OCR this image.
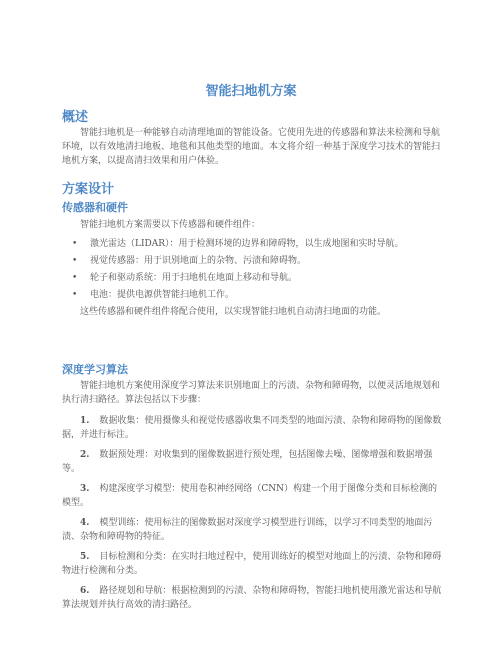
智能扫地机方案
概述

智能扫地机是一种能够自动清理地面的智能设备。它使用先进的传感器和算法来检测和导航环境，以有效地清扫地板、地毯和其他类型的地面。本文将介绍一种基于深度学习技术的智能扫地机方案，以提高清扫效果和用户体验。

方案设计
传感器和硬件

智能扫地机方案需要以下传感器和硬件组件：

• 激光雷达（LIDAR）：用于检测环境的边界和障碍物，以生成地图和实时导航。
• 视觉传感器：用于识别地面上的杂物、污渍和障碍物。
• 轮子和驱动系统：用于扫地机在地面上移动和导航。
• 电池：提供电源供智能扫地机工作。

这些传感器和硬件组件将配合使用，以实现智能扫地机自动清扫地面的功能。

深度学习算法

智能扫地机方案使用深度学习算法来识别地面上的污渍、杂物和障碍物，以便灵活地规划和执行清扫路径。算法包括以下步骤：

1. 数据收集：使用摄像头和视觉传感器收集不同类型的地面污渍、杂物和障碍物的图像数据，并进行标注。
2. 数据预处理：对收集到的图像数据进行预处理，包括图像去噪、图像增强和数据增强等。
3. 构建深度学习模型：使用卷积神经网络（CNN）构建一个用于图像分类和目标检测的模型。
4. 模型训练：使用标注的图像数据对深度学习模型进行训练，以学习不同类型的地面污渍、杂物和障碍物的特征。
5. 目标检测和分类：在实时扫地过程中，使用训练好的模型对地面上的污渍、杂物和障碍物进行检测和分类。
6. 路径规划和导航：根据检测到的污渍、杂物和障碍物，智能扫地机使用激光雷达和导航算法规划并执行高效的清扫路径。
